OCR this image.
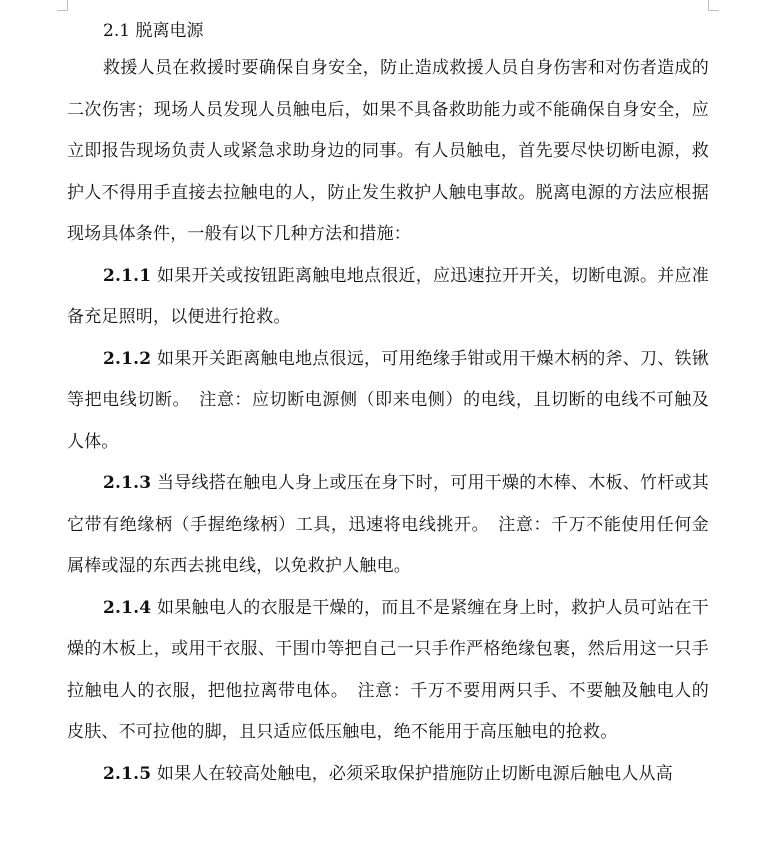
2.1 脱离电源

救援人员在救援时要确保自身安全，防止造成救援人员自身伤害和对伤者造成的二次伤害；现场人员发现人员触电后，如果不具备救助能力或不能确保自身安全，应立即报告现场负责人或紧急求助身边的同事。有人员触电，首先要尽快切断电源，救护人不得用手直接去拉触电的人，防止发生救护人触电事故。脱离电源的方法应根据现场具体条件，一般有以下几种方法和措施：

2.1.1 如果开关或按钮距离触电地点很近，应迅速拉开开关，切断电源。并应准备充足照明，以便进行抢救。

2.1.2 如果开关距离触电地点很远，可用绝缘手钳或用干燥木柄的斧、刀、铁锹等把电线切断。　注意：应切断电源侧（即来电侧）的电线，且切断的电线不可触及人体。

2.1.3 当导线搭在触电人身上或压在身下时，可用干燥的木棒、木板、竹杆或其它带有绝缘柄（手握绝缘柄）工具，迅速将电线挑开。　注意：千万不能使用任何金属棒或湿的东西去挑电线，以免救护人触电。

2.1.4 如果触电人的衣服是干燥的，而且不是紧缠在身上时，救护人员可站在干燥的木板上，或用干衣服、干围巾等把自己一只手作严格绝缘包裹，然后用这一只手拉触电人的衣服，把他拉离带电体。　注意：千万不要用两只手、不要触及触电人的皮肤、不可拉他的脚，且只适应低压触电，绝不能用于高压触电的抢救。

2.1.5 如果人在较高处触电，必须采取保护措施防止切断电源后触电人从高
